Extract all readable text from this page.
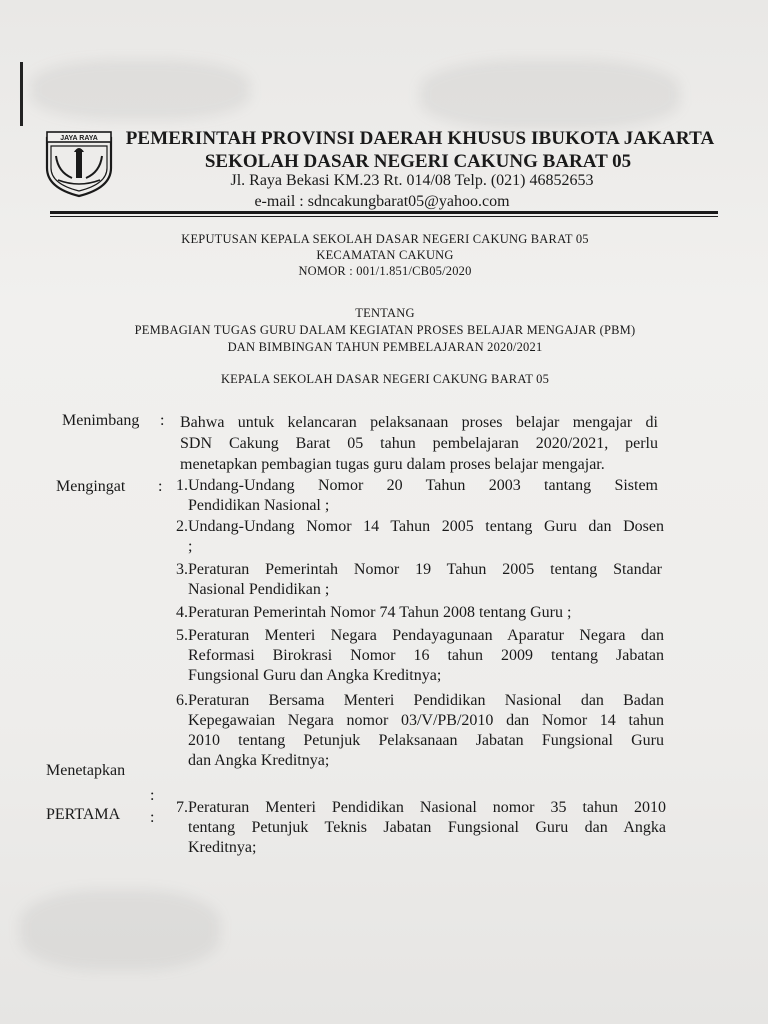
JAYA RAYA	PEMERINTAH PROVINSI DAERAH KHUSUS IBUKOTA JAKARTA
SEKOLAH DASAR NEGERI CAKUNG BARAT 05
Jl. Raya Bekasi KM.23 Rt. 014/08 Telp. (021) 46852653
e-mail : sdncakungbarat05@yahoo.com
KEPUTUSAN KEPALA SEKOLAH DASAR NEGERI CAKUNG BARAT 05
KECAMATAN CAKUNG
NOMOR : 001/1.851/CB05/2020
TENTANG
PEMBAGIAN TUGAS GURU DALAM KEGIATAN PROSES BELAJAR MENGAJAR (PBM)
DAN BIMBINGAN TAHUN PEMBELAJARAN 2020/2021
KEPALA SEKOLAH DASAR NEGERI CAKUNG BARAT 05
Menimbang : Bahwa untuk kelancaran pelaksanaan proses belajar mengajar di
SDN Cakung Barat 05 tahun pembelajaran 2020/2021, perlu
menetapkan pembagian tugas guru dalam proses belajar mengajar.
Mengingat : 1. Undang-Undang Nomor 20 Tahun 2003 tantang Sistem
Pendidikan Nasional ;
2. Undang-Undang Nomor 14 Tahun 2005 tentang Guru dan Dosen
;
3. Peraturan Pemerintah Nomor 19 Tahun 2005 tentang Standar
Nasional Pendidikan ;
4. Peraturan Pemerintah Nomor 74 Tahun 2008 tentang Guru ;
5. Peraturan Menteri Negara Pendayagunaan Aparatur Negara dan
Reformasi Birokrasi Nomor 16 tahun 2009 tentang Jabatan
Fungsional Guru dan Angka Kreditnya;
6. Peraturan Bersama Menteri Pendidikan Nasional dan Badan
Kepegawaian Negara nomor 03/V/PB/2010 dan Nomor 14 tahun
2010 tentang Petunjuk Pelaksanaan Jabatan Fungsional Guru
dan Angka Kreditnya;
Menetapkan
:
PERTAMA :
7. Peraturan Menteri Pendidikan Nasional nomor 35 tahun 2010
tentang Petunjuk Teknis Jabatan Fungsional Guru dan Angka
Kreditnya;
